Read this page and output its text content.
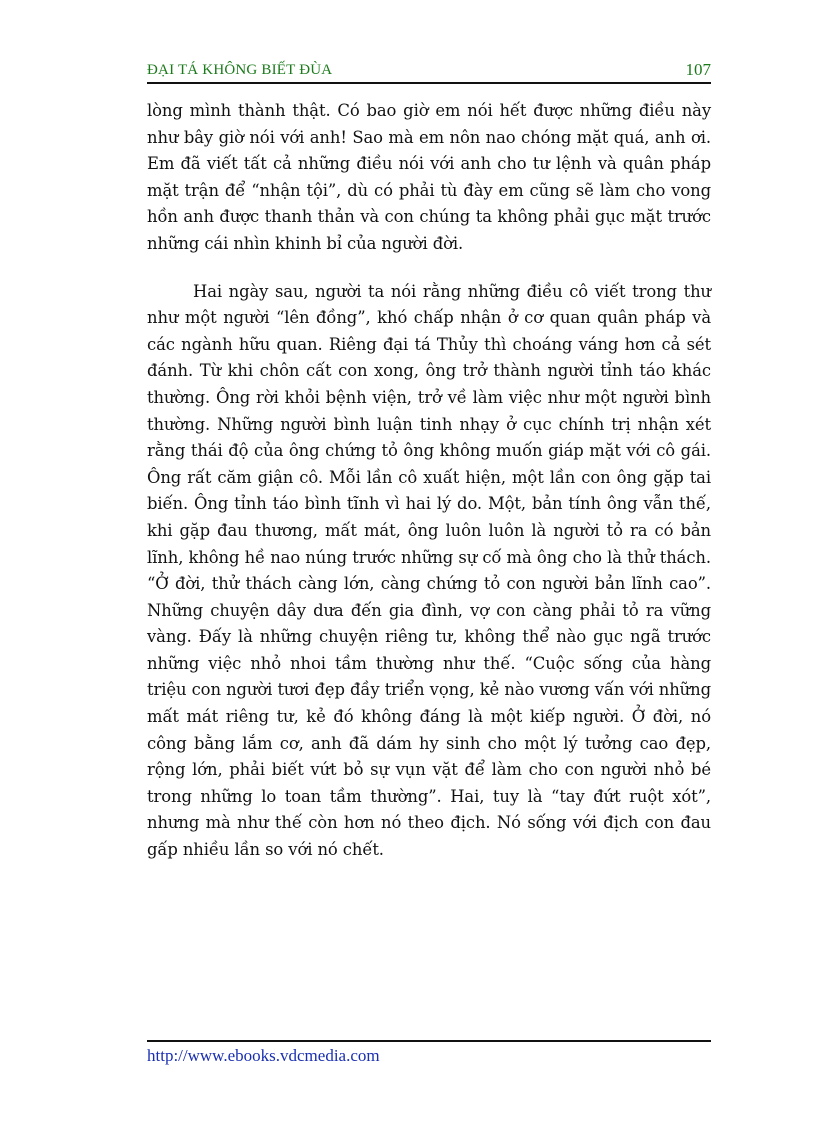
ĐẠI TÁ KHÔNG BIẾT ĐÙA	107

lòng mình thành thật. Có bao giờ em nói hết được những điều này như bây giờ nói với anh! Sao mà em nôn nao chóng mặt quá, anh ơi. Em đã viết tất cả những điều nói với anh cho tư lệnh và quân pháp mặt trận để “nhận tội”, dù có phải tù đày em cũng sẽ làm cho vong hồn anh được thanh thản và con chúng ta không phải gục mặt trước những cái nhìn khinh bỉ của người đời.

Hai ngày sau, người ta nói rằng những điều cô viết trong thư như một người “lên đồng”, khó chấp nhận ở cơ quan quân pháp và các ngành hữu quan. Riêng đại tá Thủy thì choáng váng hơn cả sét đánh. Từ khi chôn cất con xong, ông trở thành người tỉnh táo khác thường. Ông rời khỏi bệnh viện, trở về làm việc như một người bình thường. Những người bình luận tinh nhạy ở cục chính trị nhận xét rằng thái độ của ông chứng tỏ ông không muốn giáp mặt với cô gái. Ông rất căm giận cô. Mỗi lần cô xuất hiện, một lần con ông gặp tai biến. Ông tỉnh táo bình tĩnh vì hai lý do. Một, bản tính ông vẫn thế, khi gặp đau thương, mất mát, ông luôn luôn là người tỏ ra có bản lĩnh, không hề nao núng trước những sự cố mà ông cho là thử thách. “Ở đời, thử thách càng lớn, càng chứng tỏ con người bản lĩnh cao”. Những chuyện dây dưa đến gia đình, vợ con càng phải tỏ ra vững vàng. Đấy là những chuyện riêng tư, không thể nào gục ngã trước những việc nhỏ nhoi tầm thường như thế. “Cuộc sống của hàng triệu con người tươi đẹp đầy triển vọng, kẻ nào vương vấn với những mất mát riêng tư, kẻ đó không đáng là một kiếp người. Ở đời, nó công bằng lắm cơ, anh đã dám hy sinh cho một lý tưởng cao đẹp, rộng lớn, phải biết vứt bỏ sự vụn vặt để làm cho con người nhỏ bé trong những lo toan tầm thường”. Hai, tuy là “tay đứt ruột xót”, nhưng mà như thế còn hơn nó theo địch. Nó sống với địch con đau gấp nhiều lần so với nó chết.

http://www.ebooks.vdcmedia.com
